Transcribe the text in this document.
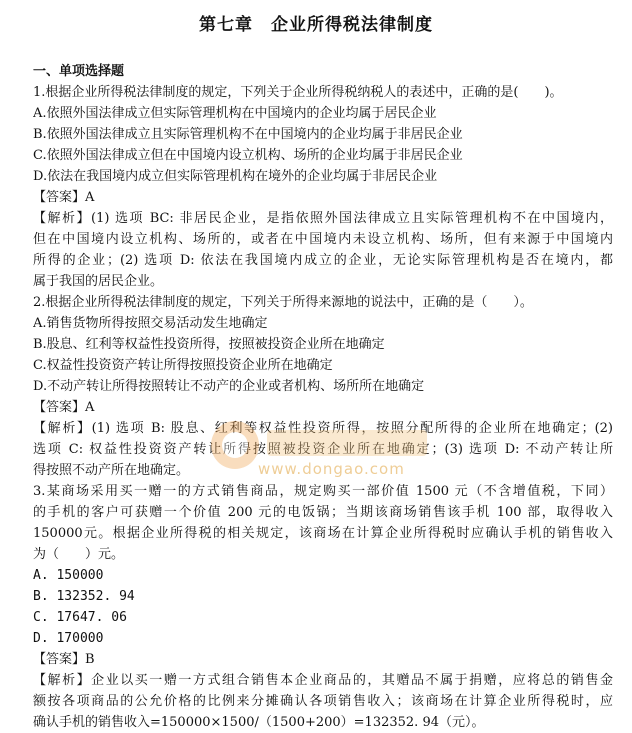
第七章　企业所得税法律制度
一、单项选择题
1.根据企业所得税法律制度的规定，下列关于企业所得税纳税人的表述中，正确的是(　　)。
A.依照外国法律成立但实际管理机构在中国境内的企业均属于居民企业
B.依照外国法律成立且实际管理机构不在中国境内的企业均属于非居民企业
C.依照外国法律成立但在中国境内设立机构、场所的企业均属于非居民企业
D.依法在我国境内成立但实际管理机构在境外的企业均属于非居民企业
【答案】A
【解析】(1) 选项 BC: 非居民企业，是指依照外国法律成立且实际管理机构不在中国境内，
但在中国境内设立机构、场所的，或者在中国境内未设立机构、场所，但有来源于中国境内
所得的企业；(2) 选项 D: 依法在我国境内成立的企业，无论实际管理机构是否在境内，都
属于我国的居民企业。
2.根据企业所得税法律制度的规定，下列关于所得来源地的说法中，正确的是（　　）。
A.销售货物所得按照交易活动发生地确定
B.股息、红利等权益性投资所得，按照被投资企业所在地确定
C.权益性投资资产转让所得按照投资企业所在地确定
D.不动产转让所得按照转让不动产的企业或者机构、场所所在地确定
【答案】A
【解析】(1) 选项 B: 股息、红利等权益性投资所得，按照分配所得的企业所在地确定；(2)
选项 C: 权益性投资资产转让所得按照被投资企业所在地确定；(3) 选项 D: 不动产转让所
得按照不动产所在地确定。
3.某商场采用买一赠一的方式销售商品，规定购买一部价值 1500 元（不含增值税，下同）
的手机的客户可获赠一个价值 200 元的电饭锅；当期该商场销售该手机 100 部，取得收入
150000元。根据企业所得税的相关规定，该商场在计算企业所得税时应确认手机的销售收入
为（　　）元。
A. 150000
B. 132352. 94
C. 17647. 06
D. 170000
【答案】B
【解析】企业以买一赠一方式组合销售本企业商品的，其赠品不属于捐赠，应将总的销售金
额按各项商品的公允价格的比例来分摊确认各项销售收入；该商场在计算企业所得税时，应
确认手机的销售收入=150000×1500/（1500+200）=132352. 94（元）。
www.dongao.com
